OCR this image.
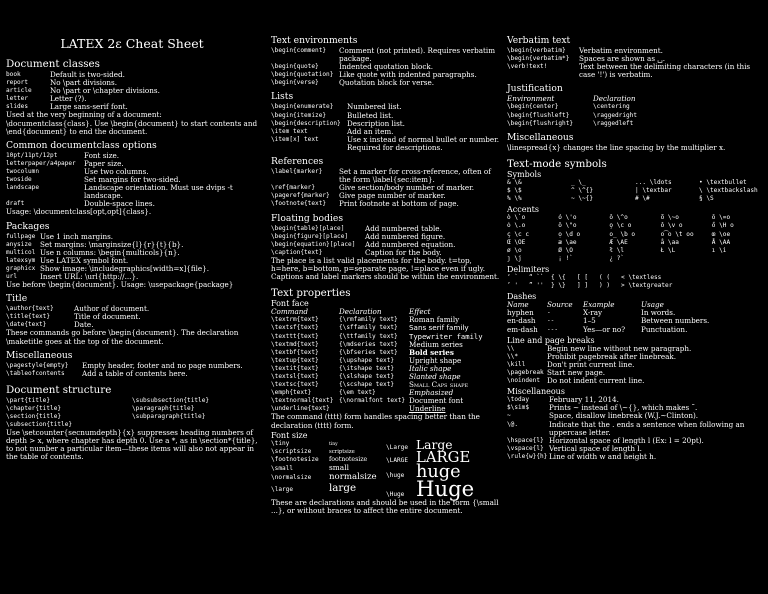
LATEX 2ε Cheat Sheet
Document classes
book	Default is two-sided.
report	No \part divisions.
article	No \part or \chapter divisions.
letter	Letter (?).
slides	Large sans-serif font.

Used at the very beginning of a document:

\documentclass{class}. Use \begin{document} to start contents and \end{document} to end the document.

Common documentclass options
10pt/11pt/12pt	Font size.
letterpaper/a4paper	Paper size.
twocolumn	Use two columns.
twoside	Set margins for two-sided.
landscape	Landscape orientation. Must use dvips -t landscape.
draft	Double-space lines.

Usage: \documentclass[opt,opt]{class}.

Packages
fullpage Use 1 inch margins.
anysize	Set margins: \marginsize{l}{r}{t}{b}.
multicol Use n columns: \begin{multicols}{n}.
latexsym Use LATEX symbol font.
graphicx Show image: \includegraphics[width=x]{file}.
url	Insert URL: \url{http://...}.

Use before \begin{document}. Usage: \usepackage{package}

Title
\author{text}	Author of document.
\title{text}	Title of document.
\date{text}	Date.

These commands go before \begin{document}. The declaration \maketitle goes at the top of the document.

Miscellaneous
\pagestyle{empty}	Empty header, footer and no page numbers.
\tableofcontents	Add a table of contents here.
Document structure
\part{title}
\chapter{title}
\section{title}
\subsection{title}
\subsubsection{title}
\paragraph{title}
\subparagraph{title}

Use \setcounter{secnumdepth}{x} suppresses heading numbers of depth > x, where chapter has depth 0. Use a *, as in \section*{title}, to not number a particular item—these items will also not appear in the table of contents.

Text environments
\begin{comment}	Comment (not printed). Requires verbatim package.
\begin{quote}	Indented quotation block.
\begin{quotation} Like quote with indented paragraphs.
\begin{verse}	Quotation block for verse.
Lists
\begin{enumerate}	Numbered list.
\begin{itemize}	Bulleted list.
\begin{description} Description list.
\item text	Add an item.
\item[x] text	Use x instead of normal bullet or number. Required for descriptions.
References
\label{marker}	Set a marker for cross-reference, often of the form \label{sec:item}.
\ref{marker}	Give section/body number of marker.
\pageref{marker}	Give page number of marker.
\footnote{text}	Print footnote at bottom of page.
Floating bodies
\begin{table}[place]	Add numbered table.
\begin{figure}[place]	Add numbered figure.
\begin{equation}[place]	Add numbered equation.
\caption{text}	Caption for the body.

The place is a list valid placements for the body. t=top, h=here, b=bottom, p=separate page, !=place even if ugly. Captions and label markers should be within the environment.

Text properties
Font face
Command	Declaration	Effect
\textrm{text}	{\rmfamily text}	Roman family
\textsf{text}	{\sffamily text}	Sans serif family
\texttt{text}	{\ttfamily text}	Typewriter family
\textmd{text}	{\mdseries text}	Medium series
\textbf{text}	{\bfseries text}	Bold series
\textup{text}	{\upshape text}	Upright shape
\textit{text}	{\itshape text}	Italic shape
\textsl{text}	{\slshape text}	Slanted shape
\textsc{text}	{\scshape text}	Small Caps shape
\emph{text}	{\em text}	Emphasized
\textnormal{text} {\normalfont text} Document font
\underline{text}	Underline

The command (tttt) form handles spacing better than the declaration (tttt) form.

Font size
\tiny	tiny
\scriptsize	scriptsize
\footnotesize	footnotesize
\small	small
\normalsize	normalsize
\large	large
\Large Large
\LARGE LARGE
\huge huge
\Huge Huge

These are declarations and should be used in the form {\small ...}, or without braces to affect the entire document.

Verbatim text
\begin{verbatim}	Verbatim environment.
\begin{verbatim*}	Spaces are shown as ␣.
\verb!text!	Text between the delimiting characters (in this case '!') is verbatim.
Justification
Environment	Declaration
\begin{center}	\centering
\begin{flushleft}	\raggedright
\begin{flushright}	\raggedleft
Miscellaneous

\linespread{x} changes the line spacing by the multiplier x.

Text-mode symbols
Symbols
& \&	_ \_	... \ldots	• \textbullet
$ \$	^ \^{}	| \textbar	\ \textbackslash
% \%	~ \~{}	# \#	§ \S
Accents
ò \`o	ó \'o	ô \^o	õ \~o	ō \=o
ȯ \.o	ö \"o	o̧ \c o	ǒ \v o	ő \H o
ç \c c	ọ \d o	o̲ \b o	o͡o \t oo	œ \oe
Œ \OE	æ \ae	Æ \AE	å \aa	Å \AA
ø \o	Ø \O	ł \l	Ł \L	ı \i
ȷ \j	¡ !`	¿ ?`
Delimiters
‘ `	“ ``	{ \{	[ [	( (	< \textless
’ '	” ''	} \}	] ]	) )	> \textgreater
Dashes
Name	Source	Example	Usage
hyphen	-	X-ray	In words.
en-dash	--	1–5	Between numbers.
em-dash	---	Yes—or no?	Punctuation.
Line and page breaks
\\	Begin new line without new paragraph.
\\*	Prohibit pagebreak after linebreak.
\kill	Don't print current line.
\pagebreak Start new page.
\noindent Do not indent current line.
Miscellaneous
\today	February 11, 2014.
$\sim$	Prints ~ instead of \~{}, which makes ˜.
~	Space, disallow linebreak (W.J.~Clinton).
\@.	Indicate that the . ends a sentence when following an uppercase letter.
\hspace{l} Horizontal space of length l (Ex: l = 20pt).
\vspace{l} Vertical space of length l.
\rule{w}{h} Line of width w and height h.
